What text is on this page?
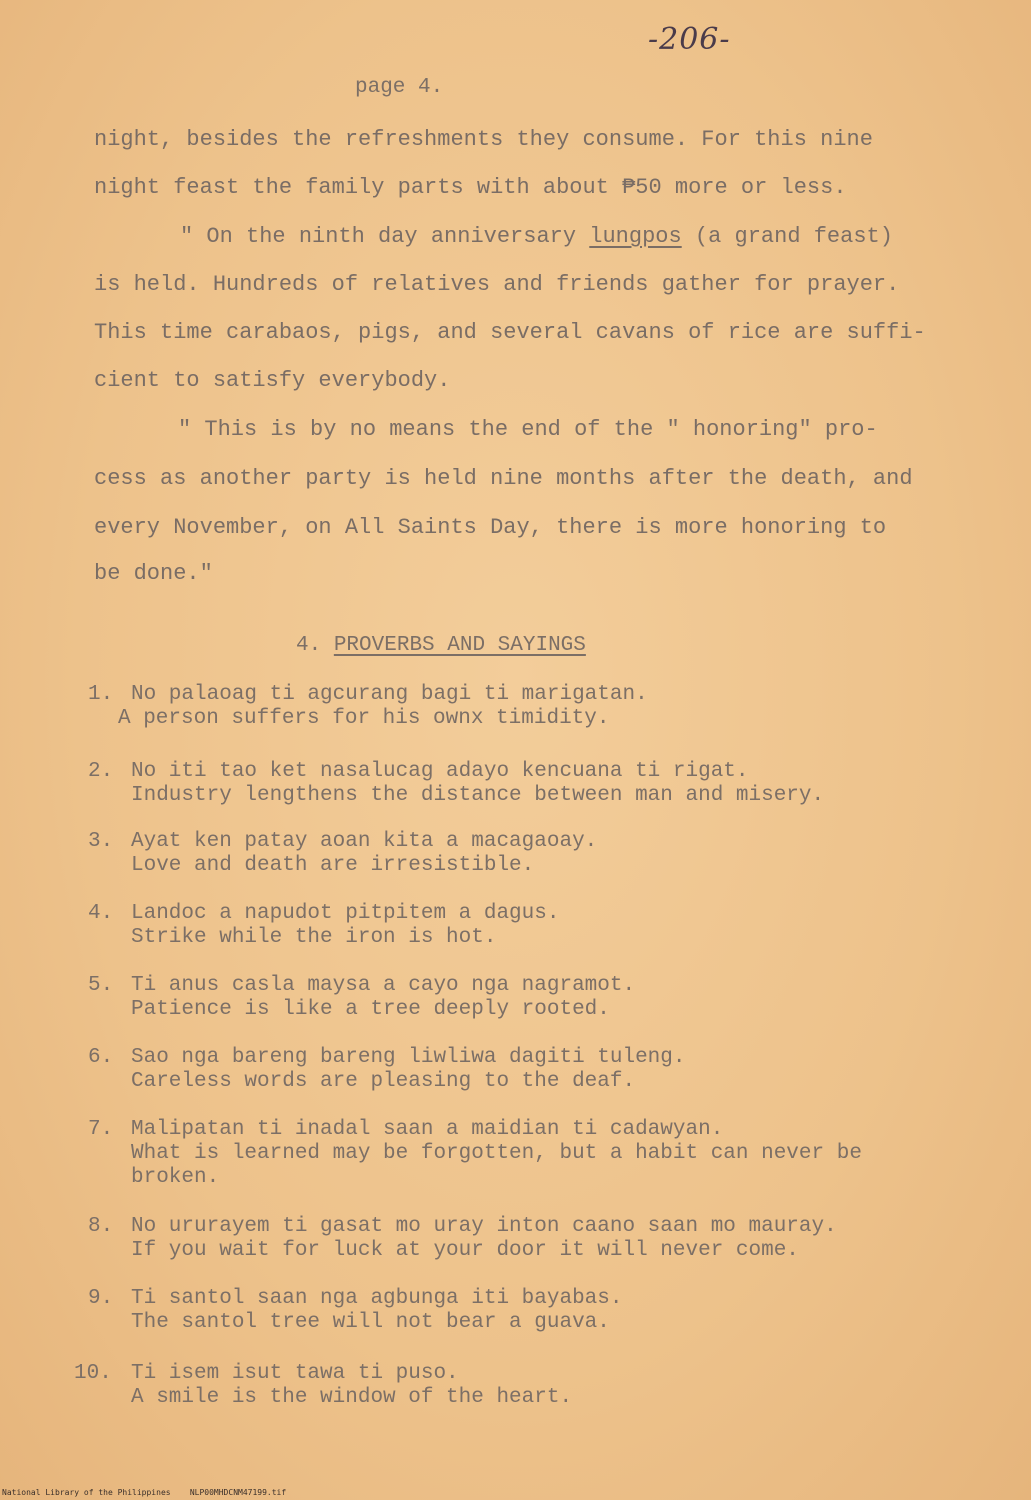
-206-
page 4.
night, besides the refreshments they consume. For this nine
night feast the family parts with about ₱50 more or less.
" On the ninth day anniversary lungpos (a grand feast)
is held. Hundreds of relatives and friends gather for prayer.
This time carabaos, pigs, and several cavans of rice are suffi-
cient to satisfy everybody.
" This is by no means the end of the " honoring" pro-
cess as another party is held nine months after the death, and
every November, on All Saints Day, there is more honoring to
be done."
4. PROVERBS AND SAYINGS
1. No palaoag ti agcurang bagi ti marigatan.
A person suffers for his ownx timidity.
2. No iti tao ket nasalucag adayo kencuana ti rigat.
Industry lengthens the distance between man and misery.
3. Ayat ken patay aoan kita a macagaoay.
Love and death are irresistible.
4. Landoc a napudot pitpitem a dagus.
Strike while the iron is hot.
5. Ti anus casla maysa a cayo nga nagramot.
Patience is like a tree deeply rooted.
6. Sao nga bareng bareng liwliwa dagiti tuleng.
Careless words are pleasing to the deaf.
7. Malipatan ti inadal saan a maidian ti cadawyan.
What is learned may be forgotten, but a habit can never be
broken.
8. No ururayem ti gasat mo uray inton caano saan mo mauray.
If you wait for luck at your door it will never come.
9. Ti santol saan nga agbunga iti bayabas.
The santol tree will not bear a guava.
10. Ti isem isut tawa ti puso.
A smile is the window of the heart.
National Library of the Philippines    NLP00MHDCNM47199.tif
